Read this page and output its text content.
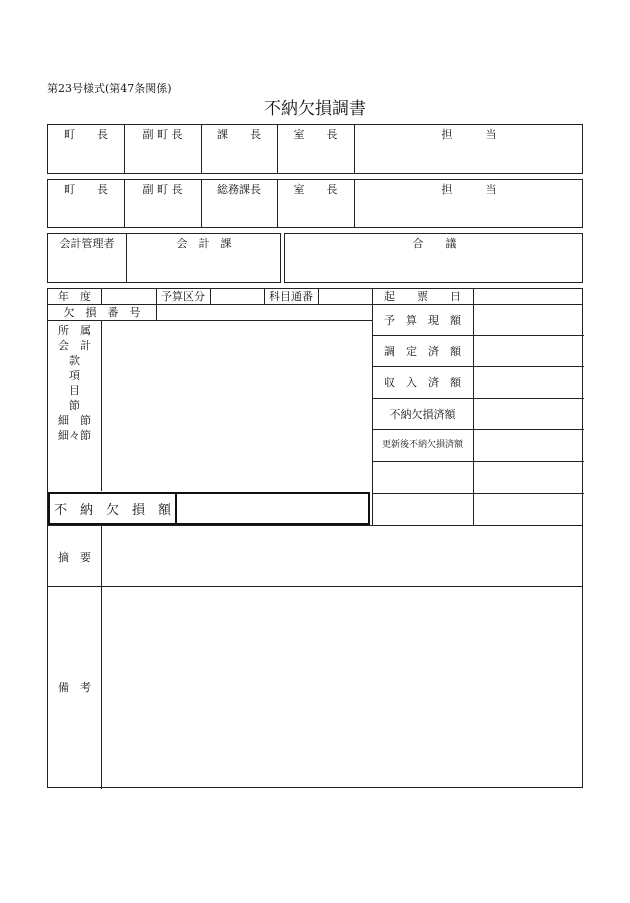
第23号様式(第47条関係)
不納欠損調書
町　　長	副 町 長	課　　長	室　　長	担　　　当
町　　長	副 町 長	総務課長	室　　長	担　　　当
会計管理者	会　計　課	合　　議
年　度	予算区分	科目通番	起　　票　　日
欠　損　番　号
所　属
会　計
款
項
目
節
細　節
細々節
予　算　現　額
調　定　済　額
収　入　済　額
不納欠損済額
更新後不納欠損済額
不　納　欠　損　額
摘　要
備　考
